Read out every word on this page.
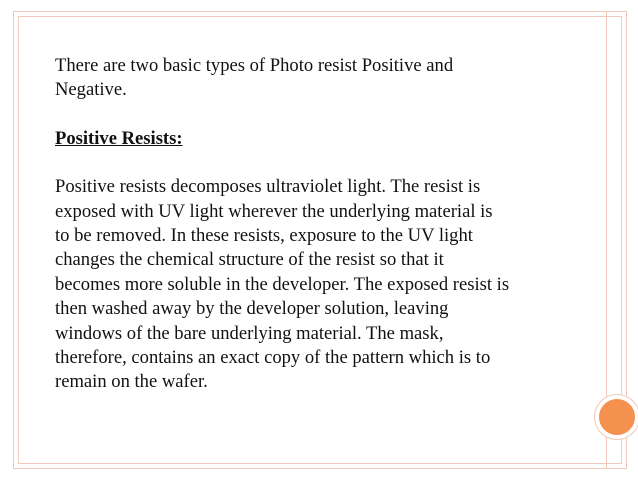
There are two basic types of Photo resist Positive and
Negative.

Positive Resists:

Positive resists decomposes ultraviolet light. The resist is
exposed with UV light wherever the underlying material is
to be removed. In these resists, exposure to the UV light
changes the chemical structure of the resist so that it
becomes more soluble in the developer. The exposed resist is
then washed away by the developer solution, leaving
windows of the bare underlying material. The mask,
therefore, contains an exact copy of the pattern which is to
remain on the wafer.
